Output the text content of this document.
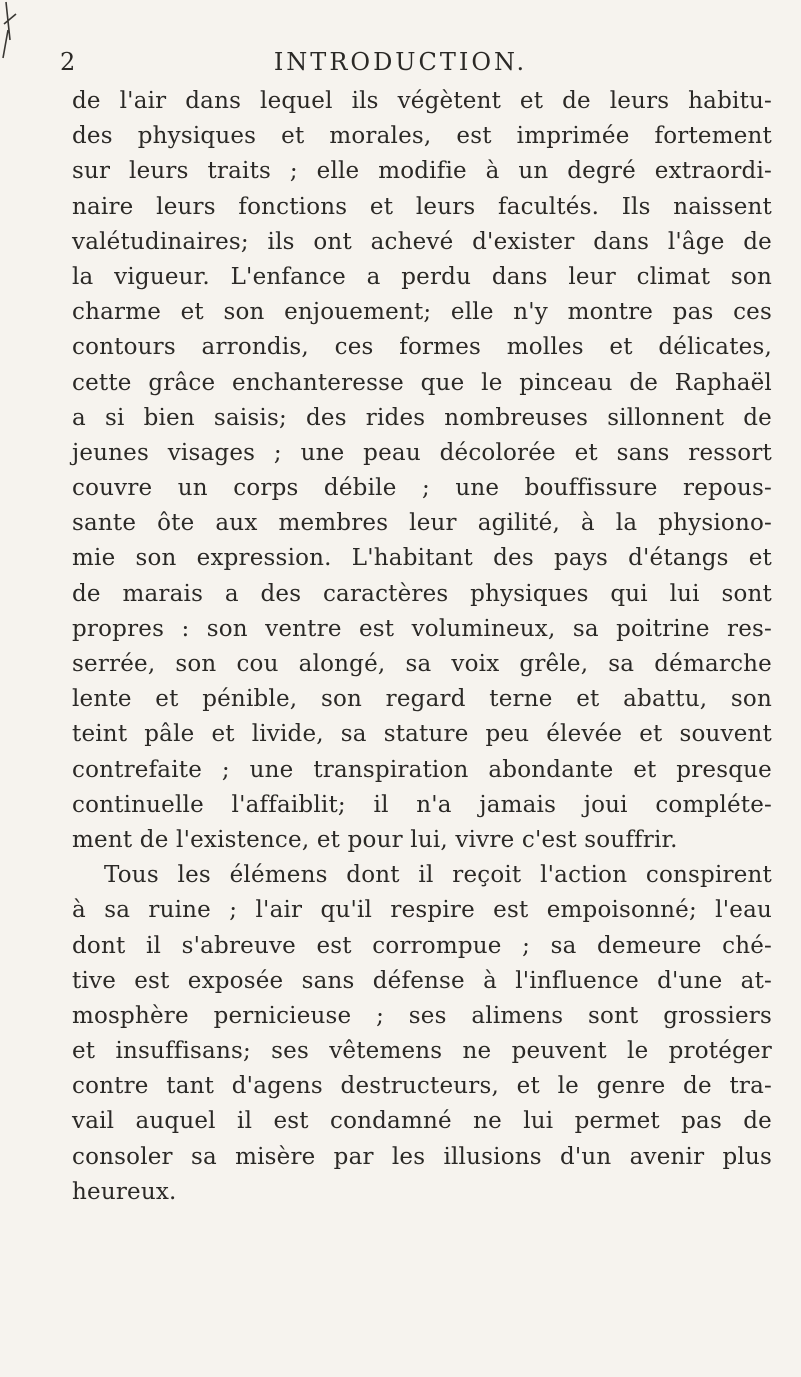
2	INTRODUCTION.
de l'air dans lequel ils végètent et de leurs habitu-
des physiques et morales, est imprimée fortement
sur leurs traits ; elle modifie à un degré extraordi-
naire leurs fonctions et leurs facultés. Ils naissent
valétudinaires; ils ont achevé d'exister dans l'âge de
la vigueur. L'enfance a perdu dans leur climat son
charme et son enjouement; elle n'y montre pas ces
contours arrondis, ces formes molles et délicates,
cette grâce enchanteresse que le pinceau de Raphaël
a si bien saisis; des rides nombreuses sillonnent de
jeunes visages ; une peau décolorée et sans ressort
couvre un corps débile ; une bouffissure repous-
sante ôte aux membres leur agilité, à la physiono-
mie son expression. L'habitant des pays d'étangs et
de marais a des caractères physiques qui lui sont
propres : son ventre est volumineux, sa poitrine res-
serrée, son cou alongé, sa voix grêle, sa démarche
lente et pénible, son regard terne et abattu, son
teint pâle et livide, sa stature peu élevée et souvent
contrefaite ; une transpiration abondante et presque
continuelle l'affaiblit; il n'a jamais joui compléte-
ment de l'existence, et pour lui, vivre c'est souffrir.
Tous les élémens dont il reçoit l'action conspirent
à sa ruine ; l'air qu'il respire est empoisonné; l'eau
dont il s'abreuve est corrompue ; sa demeure ché-
tive est exposée sans défense à l'influence d'une at-
mosphère pernicieuse ; ses alimens sont grossiers
et insuffisans; ses vêtemens ne peuvent le protéger
contre tant d'agens destructeurs, et le genre de tra-
vail auquel il est condamné ne lui permet pas de
consoler sa misère par les illusions d'un avenir plus
heureux.
